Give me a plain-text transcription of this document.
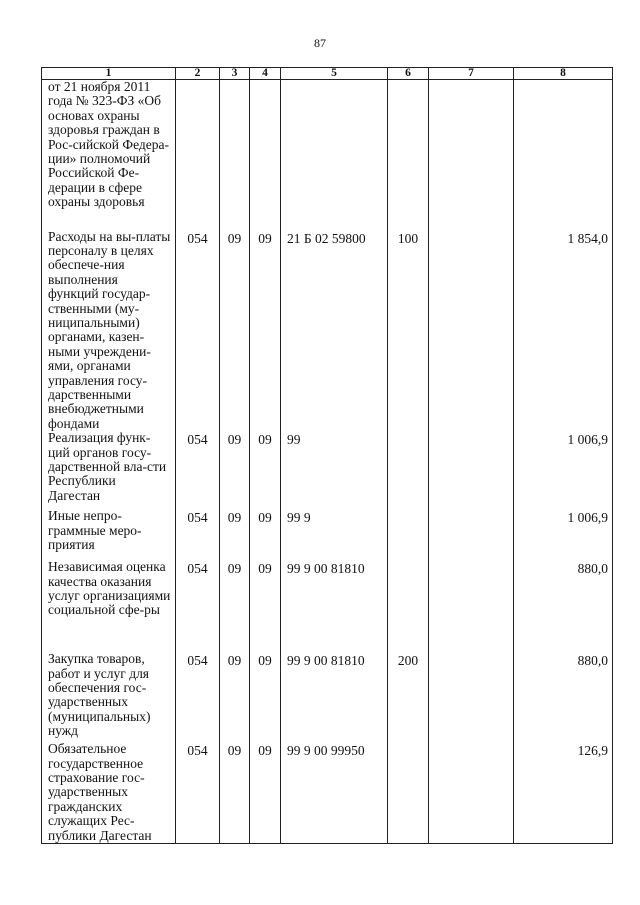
87
1	2	3	4	5	6	7	8
от 21 ноября 2011 года № 323-ФЗ «Об основах охраны здоровья граждан в Рос-сийской Федера-ции» полномочий Российской Фе-дерации в сфере охраны здоровья							
Расходы на вы-платы персоналу в целях обеспече-ния выполнения функций государ-ственными (му-ниципальными) органами, казен-ными учреждени-ями, органами управления госу-дарственными внебюджетными фондами	054	09	09	21 Б 02 59800	100		1 854,0
Реализация функ-ций органов госу-дарственной вла-сти Республики Дагестан	054	09	09	99			1 006,9
Иные непро-граммные меро-приятия	054	09	09	99 9			1 006,9
Независимая оценка качества оказания услуг организациями социальной сфе-ры	054	09	09	99 9 00 81810			880,0
Закупка товаров, работ и услуг для обеспечения гос-ударственных (муниципальных) нужд	054	09	09	99 9 00 81810	200		880,0
Обязательное государственное страхование гос-ударственных гражданских служащих Рес-публики Дагестан	054	09	09	99 9 00 99950			126,9
